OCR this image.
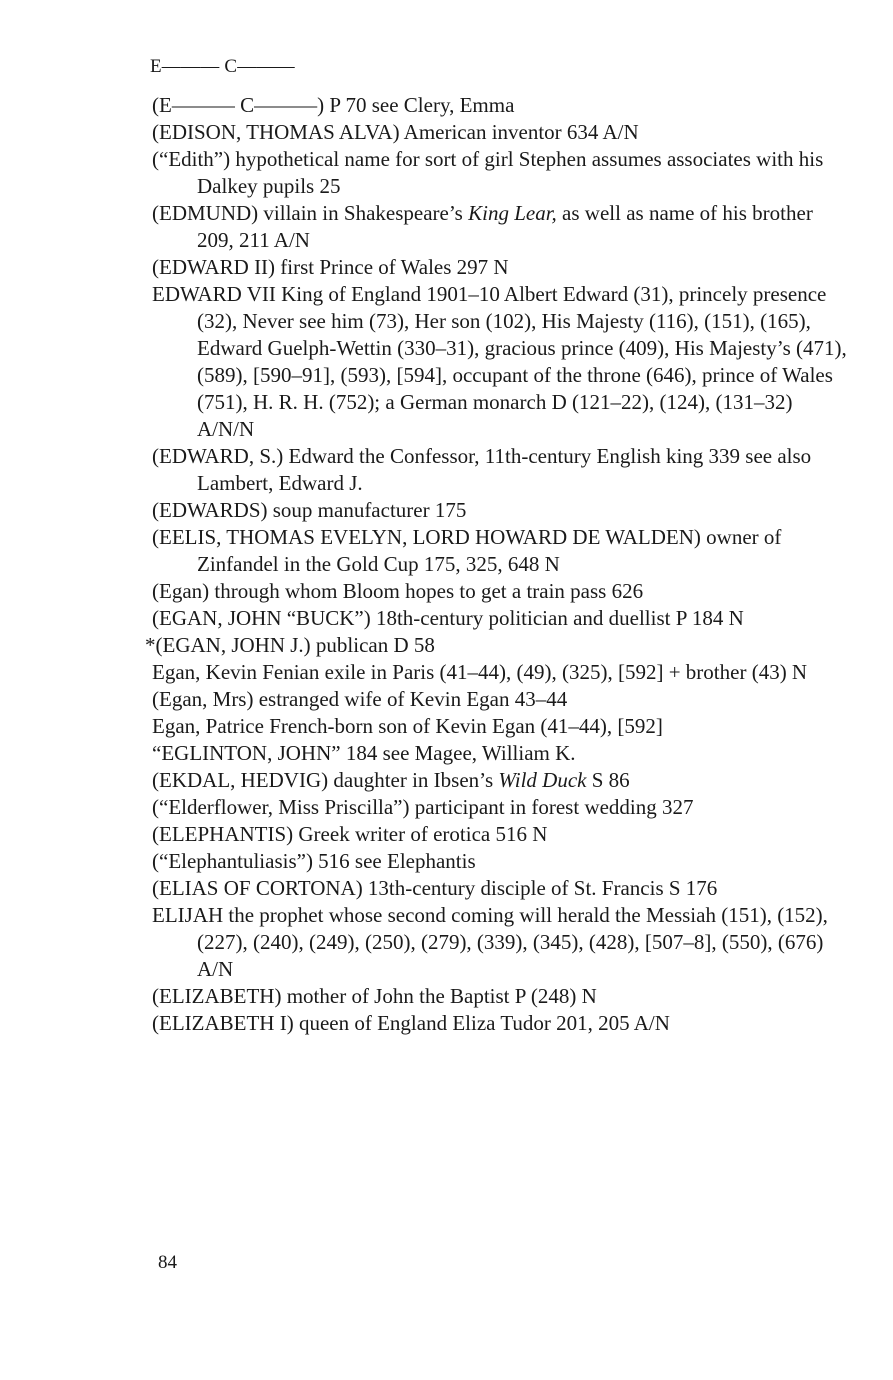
E——— C———

(E——— C———) P 70 see Clery, Emma

(EDISON, THOMAS ALVA) American inventor 634 A/N

(“Edith”) hypothetical name for sort of girl Stephen assumes associates with his Dalkey pupils 25

(EDMUND) villain in Shakespeare’s King Lear, as well as name of his brother 209, 211 A/N

(EDWARD II) first Prince of Wales 297 N

EDWARD VII King of England 1901–10 Albert Edward (31), princely presence (32), Never see him (73), Her son (102), His Majesty (116), (151), (165), Edward Guelph-Wettin (330–31), gracious prince (409), His Majesty’s (471), (589), [590–91], (593), [594], occupant of the throne (646), prince of Wales (751), H. R. H. (752); a German monarch D (121–22), (124), (131–32) A/N/N

(EDWARD, S.) Edward the Confessor, 11th-century English king 339 see also Lambert, Edward J.

(EDWARDS) soup manufacturer 175

(EELIS, THOMAS EVELYN, LORD HOWARD DE WALDEN) owner of Zinfandel in the Gold Cup 175, 325, 648 N

(Egan) through whom Bloom hopes to get a train pass 626

(EGAN, JOHN “BUCK”) 18th-century politician and duellist P 184 N

*(EGAN, JOHN J.) publican D 58

Egan, Kevin Fenian exile in Paris (41–44), (49), (325), [592] + brother (43) N

(Egan, Mrs) estranged wife of Kevin Egan 43–44

Egan, Patrice French-born son of Kevin Egan (41–44), [592]

“EGLINTON, JOHN” 184 see Magee, William K.

(EKDAL, HEDVIG) daughter in Ibsen’s Wild Duck S 86

(“Elderflower, Miss Priscilla”) participant in forest wedding 327

(ELEPHANTIS) Greek writer of erotica 516 N

(“Elephantuliasis”) 516 see Elephantis

(ELIAS OF CORTONA) 13th-century disciple of St. Francis S 176

ELIJAH the prophet whose second coming will herald the Messiah (151), (152), (227), (240), (249), (250), (279), (339), (345), (428), [507–8], (550), (676) A/N

(ELIZABETH) mother of John the Baptist P (248) N

(ELIZABETH I) queen of England Eliza Tudor 201, 205 A/N

84
